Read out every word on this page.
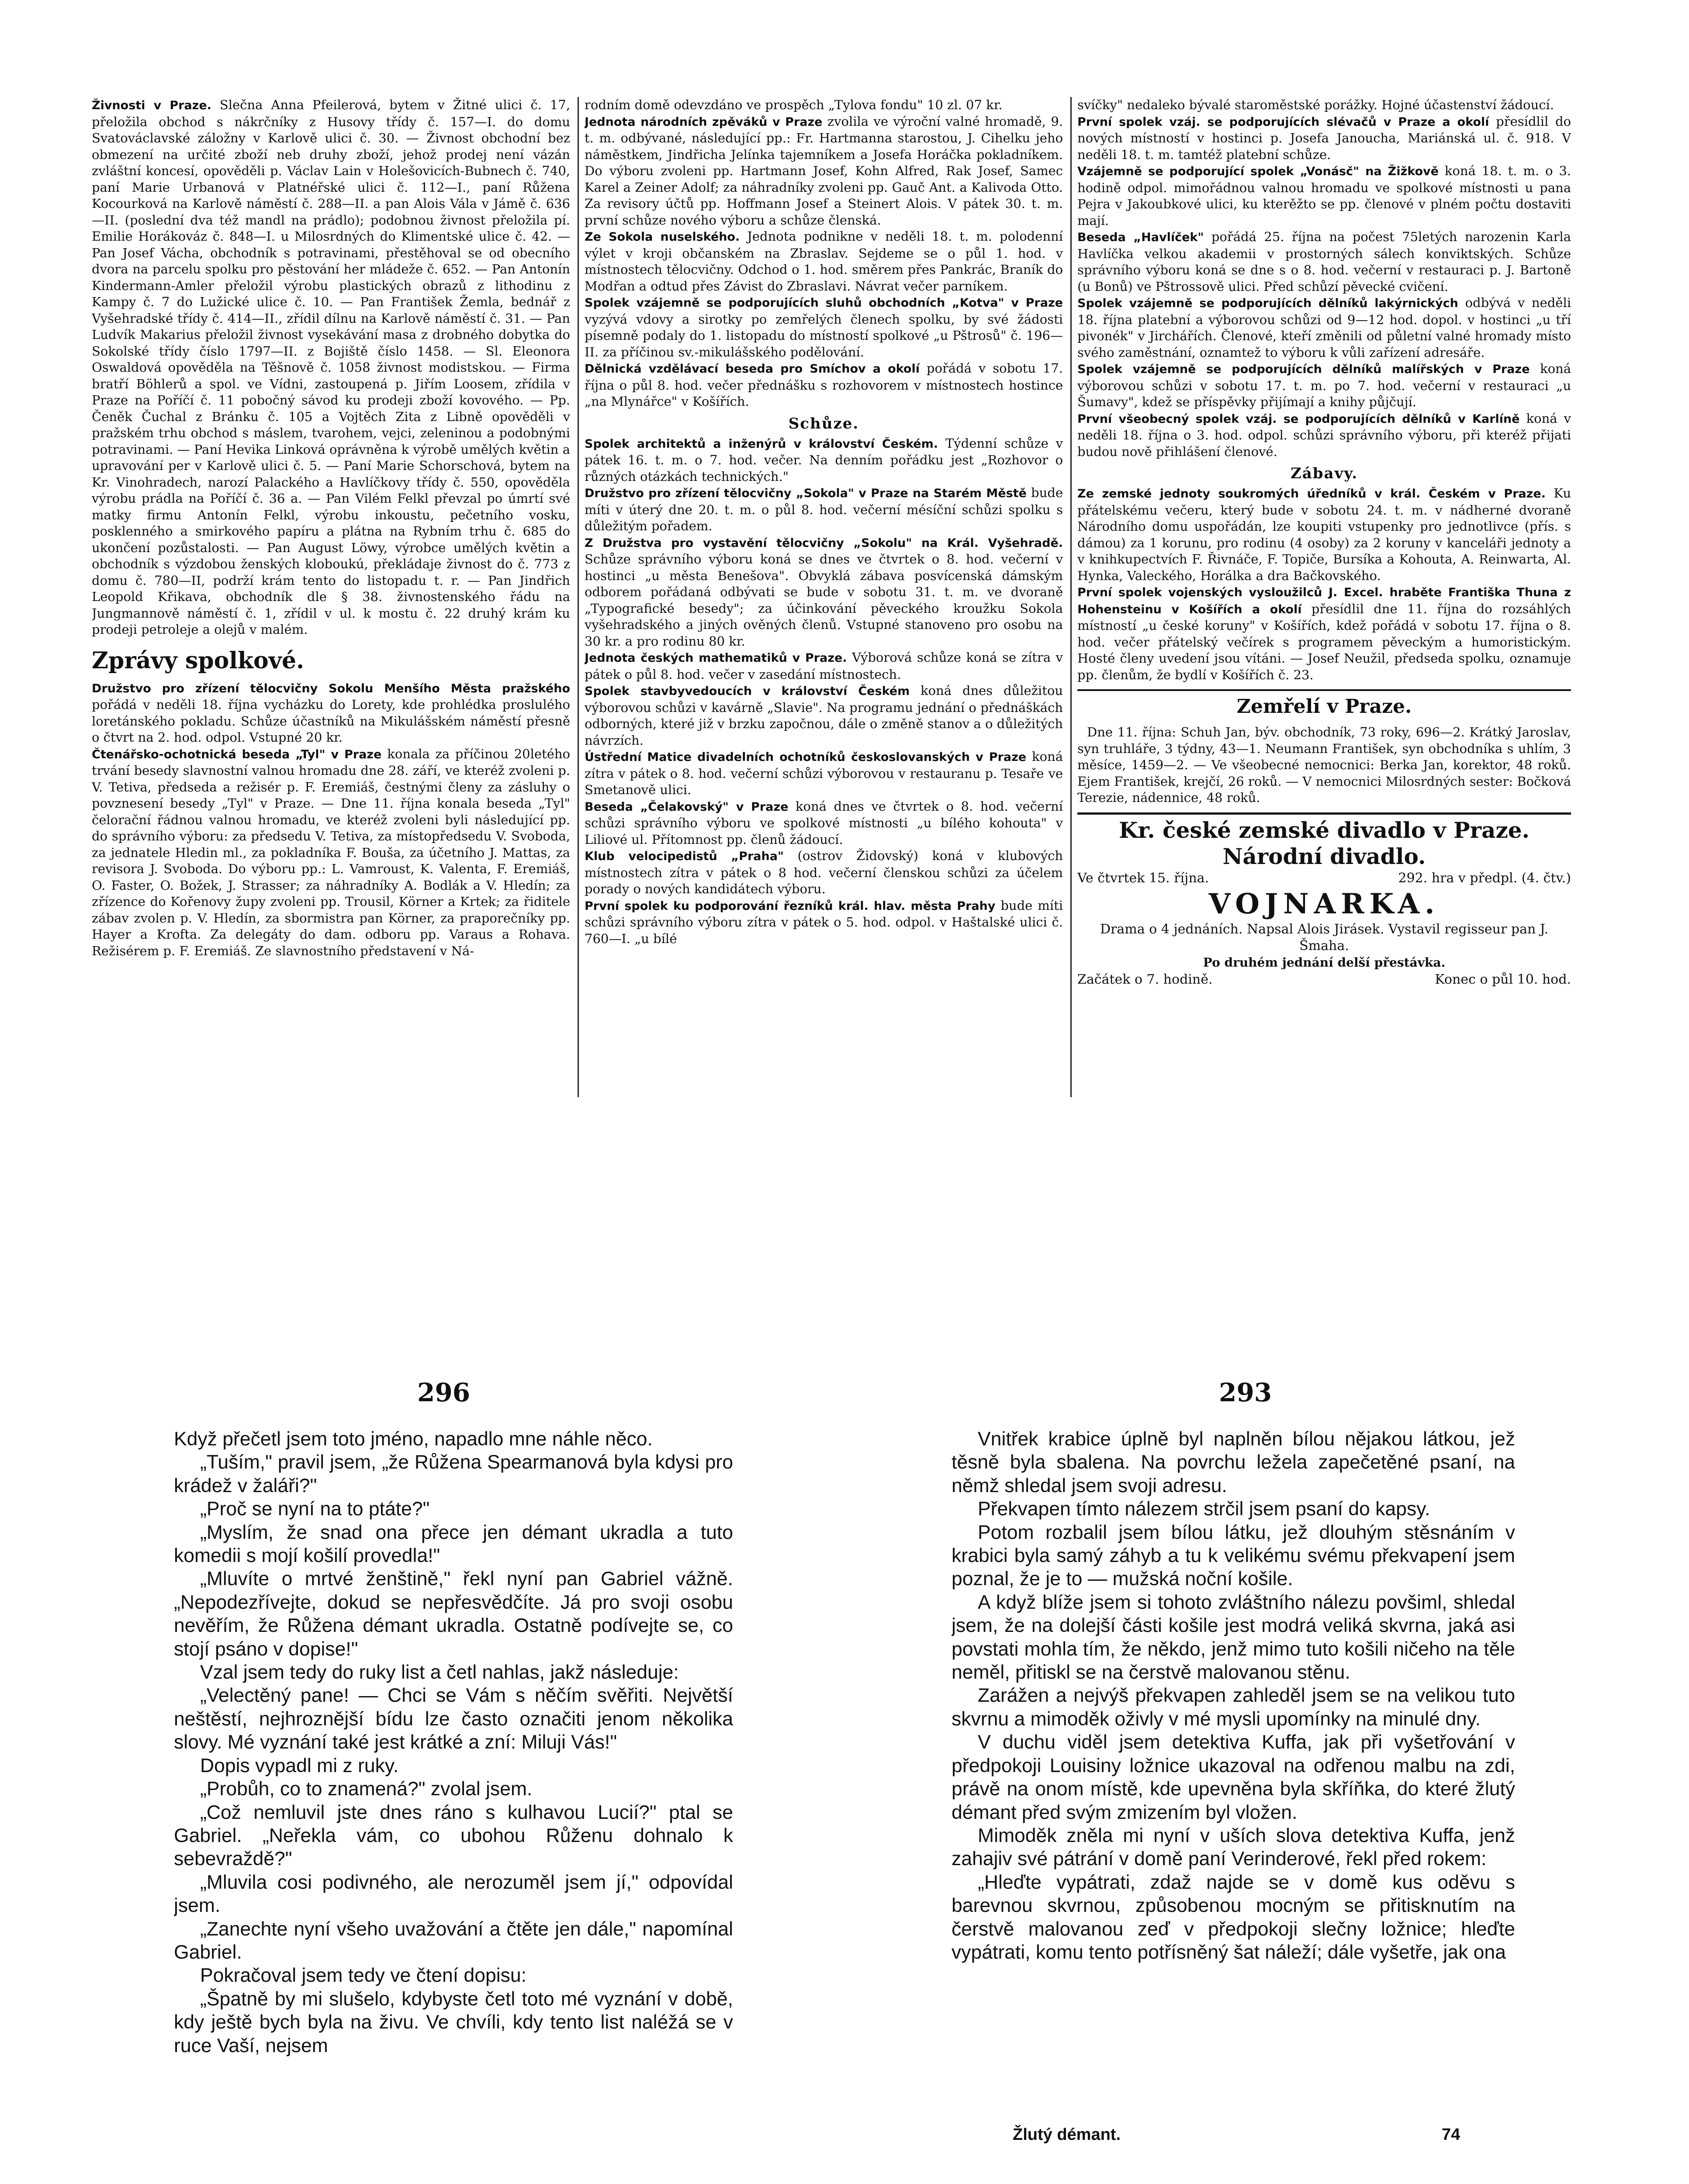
Živnosti v Praze. Slečna Anna Pfeilerová, bytem v Žitné ulici č. 17, přeložila obchod s nákrčníky z Husovy třídy č. 157—I. do domu Svatováclavské záložny v Karlově ulici č. 30. — Živnost obchodní bez obmezení na určité zboží neb druhy zboží, jehož prodej není vázán zvláštní koncesí, opověděli p. Václav Lain v Holešovicích-Bubnech č. 740, paní Marie Urbanová v Platnéřské ulici č. 112—I., paní Růžena Kocourková na Karlově náměstí č. 288—II. a pan Alois Vála v Jámě č. 636—II. (poslední dva též mandl na prádlo); podobnou živnost přeložila pí. Emilie Horákováz č. 848—I. u Milosrdných do Klimentské ulice č. 42. — Pan Josef Vácha, obchodník s potravinami, přestěhoval se od obecního dvora na parcelu spolku pro pěstování her mládeže č. 652. — Pan Antonín Kindermann-Amler přeložil výrobu plastických obrazů z lithodinu z Kampy č. 7 do Lužické ulice č. 10. — Pan František Žemla, bednář z Vyšehradské třídy č. 414—II., zřídil dílnu na Karlově náměstí č. 31. — Pan Ludvík Makarius přeložil živnost vysekávání masa z drobného dobytka do Sokolské třídy číslo 1797—II. z Bojiště číslo 1458. — Sl. Eleonora Oswaldová opověděla na Těšnově č. 1058 živnost modistskou. — Firma bratří Böhlerů a spol. ve Vídni, zastoupená p. Jiřím Loosem, zřídila v Praze na Poříčí č. 11 pobočný sávod ku prodeji zboží kovového. — Pp. Čeněk Čuchal z Bránku č. 105 a Vojtěch Zita z Libně opověděli v pražském trhu obchod s máslem, tvarohem, vejci, zeleninou a podobnými potravinami. — Paní Hevika Linková oprávněna k výrobě umělých květin a upravování per v Karlově ulici č. 5. — Paní Marie Schorschová, bytem na Kr. Vinohradech, narozí Palackého a Havlíčkovy třídy č. 550, opověděla výrobu prádla na Poříčí č. 36 a. — Pan Vilém Felkl převzal po úmrtí své matky firmu Antonín Felkl, výrobu inkoustu, pečetního vosku, posklenného a smirkového papíru a plátna na Rybním trhu č. 685 do ukončení pozůstalosti. — Pan August Löwy, výrobce umělých květin a obchodník s výzdobou ženských kloboukú, překládaje živnost do č. 773 z domu č. 780—II, podrží krám tento do listopadu t. r. — Pan Jindřich Leopold Křikava, obchodník dle § 38. živnostenského řádu na Jungmannově náměstí č. 1, zřídil v ul. k mostu č. 22 druhý krám ku prodeji petroleje a olejů v malém.

Zprávy spolkové.

Družstvo pro zřízení tělocvičny Sokolu Menšího Města pražského pořádá v neděli 18. října vycházku do Lorety, kde prohlédka proslulého loretánského pokladu. Schůze účastníků na Mikulášském náměstí přesně o čtvrt na 2. hod. odpol. Vstupné 20 kr.

Čtenářsko-ochotnická beseda „Tyl" v Praze konala za příčinou 20letého trvání besedy slavnostní valnou hromadu dne 28. září, ve kteréž zvoleni p. V. Tetiva, předseda a režisér p. F. Eremiáš, čestnými členy za zásluhy o povznesení besedy „Tyl" v Praze. — Dne 11. října konala beseda „Tyl" čelorační řádnou valnou hromadu, ve kteréž zvoleni byli následující pp. do správního výboru: za předsedu V. Tetiva, za místopředsedu V. Svoboda, za jednatele Hledin ml., za pokladníka F. Bouša, za účetního J. Mattas, za revisora J. Svoboda. Do výboru pp.: L. Vamroust, K. Valenta, F. Eremiáš, O. Faster, O. Božek, J. Strasser; za náhradníky A. Bodlák a V. Hledín; za zřízence do Kořenovy župy zvoleni pp. Trousil, Körner a Krtek; za řiditele zábav zvolen p. V. Hledín, za sbormistra pan Körner, za praporečníky pp. Hayer a Krofta. Za delegáty do dam. odboru pp. Varaus a Rohava. Režisérem p. F. Eremiáš. Ze slavnostního představení v Ná-

rodním domě odevzdáno ve prospěch „Tylova fondu" 10 zl. 07 kr.

Jednota národních zpěváků v Praze zvolila ve výroční valné hromadě, 9. t. m. odbývané, následující pp.: Fr. Hartmanna starostou, J. Cihelku jeho náměstkem, Jindřicha Jelínka tajemníkem a Josefa Horáčka pokladníkem. Do výboru zvoleni pp. Hartmann Josef, Kohn Alfred, Rak Josef, Samec Karel a Zeiner Adolf; za náhradníky zvoleni pp. Gauč Ant. a Kalivoda Otto. Za revisory účtů pp. Hoffmann Josef a Steinert Alois. V pátek 30. t. m. první schůze nového výboru a schůze členská.

Ze Sokola nuselského. Jednota podnikne v neděli 18. t. m. polodenní výlet v kroji občanském na Zbraslav. Sejdeme se o půl 1. hod. v místnostech tělocvičny. Odchod o 1. hod. směrem přes Pankrác, Braník do Modřan a odtud přes Závist do Zbraslavi. Návrat večer parníkem.

Spolek vzájemně se podporujících sluhů obchodních „Kotva" v Praze vyzývá vdovy a sirotky po zemřelých členech spolku, by své žádosti písemně podaly do 1. listopadu do místností spolkové „u Pštrosů" č. 196—II. za příčinou sv.-mikulášského podělování.

Dělnická vzdělávací beseda pro Smíchov a okolí pořádá v sobotu 17. října o půl 8. hod. večer přednášku s rozhovorem v místnostech hostince „na Mlynářce" v Košířích.

Schůze.

Spolek architektů a inženýrů v království Českém. Týdenní schůze v pátek 16. t. m. o 7. hod. večer. Na denním pořádku jest „Rozhovor o různých otázkách technických."

Družstvo pro zřízení tělocvičny „Sokola" v Praze na Starém Městě bude míti v úterý dne 20. t. m. o půl 8. hod. večerní mésíční schůzi spolku s důležitým pořadem.

Z Družstva pro vystavění tělocvičny „Sokolu" na Král. Vyšehradě. Schůze správního výboru koná se dnes ve čtvrtek o 8. hod. večerní v hostinci „u města Benešova". Obvyklá zábava posvícenská dámským odborem pořádaná odbývati se bude v sobotu 31. t. m. ve dvoraně „Typografické besedy"; za účinkování pěveckého kroužku Sokola vyšehradského a jiných ověných členů. Vstupné stanoveno pro osobu na 30 kr. a pro rodinu 80 kr.

Jednota českých mathematiků v Praze. Výborová schůze koná se zítra v pátek o půl 8. hod. večer v zasedání místnostech.

Spolek stavbyvedoucích v království Českém koná dnes důležitou výborovou schůzi v kavárně „Slavie". Na programu jednání o přednáškách odborných, které již v brzku započnou, dále o změně stanov a o důležitých návrzích.

Ústřední Matice divadelních ochotníků českoslovanských v Praze koná zítra v pátek o 8. hod. večerní schůzi výborovou v restauranu p. Tesaře ve Smetanově ulici.

Beseda „Čelakovský" v Praze koná dnes ve čtvrtek o 8. hod. večerní schůzi správního výboru ve spolkové místnosti „u bílého kohouta" v Liliové ul. Přítomnost pp. členů žádoucí.

Klub velocipedistů „Praha" (ostrov Židovský) koná v klubových místnostech zítra v pátek o 8 hod. večerní členskou schůzi za účelem porady o nových kandidátech výboru.

První spolek ku podporování řezníků král. hlav. města Prahy bude míti schůzi správního výboru zítra v pátek o 5. hod. odpol. v Haštalské ulici č. 760—I. „u bílé

svíčky" nedaleko bývalé staroměstské porážky. Hojné účastenství žádoucí.

První spolek vzáj. se podporujících slévačů v Praze a okolí přesídlil do nových místností v hostinci p. Josefa Janoucha, Mariánská ul. č. 918. V neděli 18. t. m. tamtéž platební schůze.

Vzájemně se podporující spolek „Vonásč" na Žižkově koná 18. t. m. o 3. hodině odpol. mimořádnou valnou hromadu ve spolkové místnosti u pana Pejra v Jakoubkové ulici, ku kterěžto se pp. členové v plném počtu dostaviti mají.

Beseda „Havlíček" pořádá 25. října na počest 75letých narozenin Karla Havlíčka velkou akademii v prostorných sálech konviktských. Schůze správního výboru koná se dne s o 8. hod. večerní v restauraci p. J. Bartoně (u Bonů) ve Pštrossově ulici. Před schůzí pěvecké cvičení.

Spolek vzájemně se podporujících dělníků lakýrnických odbývá v neděli 18. října platební a výborovou schůzi od 9—12 hod. dopol. v hostinci „u tří pivonék" v Jirchářích. Členové, kteří změnili od půletní valné hromady místo svého zaměstnání, oznamtež to výboru k vůli zařízení adresáře.

Spolek vzájemně se podporujících dělníků malířských v Praze koná výborovou schůzi v sobotu 17. t. m. po 7. hod. večerní v restauraci „u Šumavy", kdež se příspěvky přijímají a knihy půjčují.

První všeobecný spolek vzáj. se podporujících dělníků v Karlíně koná v neděli 18. října o 3. hod. odpol. schůzi správního výboru, při kteréž přijati budou nově přihlášení členové.

Zábavy.

Ze zemské jednoty soukromých úředníků v král. Českém v Praze. Ku přátelskému večeru, který bude v sobotu 24. t. m. v nádherné dvoraně Národního domu uspořádán, lze koupiti vstupenky pro jednotlivce (přís. s dámou) za 1 korunu, pro rodinu (4 osoby) za 2 koruny v kanceláři jednoty a v knihkupectvích F. Řivnáče, F. Topiče, Bursíka a Kohouta, A. Reinwarta, Al. Hynka, Valeckého, Horálka a dra Bačkovského.

První spolek vojenských vysloužilců J. Excel. hraběte Františka Thuna z Hohensteinu v Košířích a okolí přesídlil dne 11. října do rozsáhlých místností „u české koruny" v Košířích, kdež pořádá v sobotu 17. října o 8. hod. večer přátelský večírek s programem pěveckým a humoristickým. Hosté členy uvedení jsou vítáni. — Josef Neužil, předseda spolku, oznamuje pp. členům, že bydlí v Košířích č. 23.

Zemřelí v Praze.

Dne 11. října: Schuh Jan, býv. obchodník, 73 roky, 696—2. Krátký Jaroslav, syn truhláře, 3 týdny, 43—1. Neumann František, syn obchodníka s uhlím, 3 měsíce, 1459—2. — Ve všeobecné nemocnici: Berka Jan, korektor, 48 roků. Ejem František, krejčí, 26 roků. — V nemocnici Milosrdných sester: Bočková Terezie, nádennice, 48 roků.

Kr. české zemské divadlo v Praze.
Národní divadlo.
Ve čtvrtek 15. října.	292. hra v předpl. (4. čtv.)
VOJNARKA.
Drama o 4 jednáních. Napsal Alois Jirásek. Vystavil regisseur pan J. Šmaha.
Po druhém jednání delší přestávka.
Začátek o 7. hodině.	Konec o půl 10. hod.
296	293

Když přečetl jsem toto jméno, napadlo mne náhle něco.

„Tuším," pravil jsem, „že Růžena Spearmanová byla kdysi pro krádež v žaláři?"

„Proč se nyní na to ptáte?"

„Myslím, že snad ona přece jen démant ukradla a tuto komedii s mojí košilí provedla!"

„Mluvíte o mrtvé ženštině," řekl nyní pan Gabriel vážně. „Nepodezřívejte, dokud se nepřesvědčíte. Já pro svoji osobu nevěřím, že Růžena démant ukradla. Ostatně podívejte se, co stojí psáno v dopise!"

Vzal jsem tedy do ruky list a četl nahlas, jakž následuje:

„Velectěný pane! — Chci se Vám s něčím svěřiti. Největší neštěstí, nejhroznější bídu lze často označiti jenom několika slovy. Mé vyznání také jest krátké a zní: Miluji Vás!"

Dopis vypadl mi z ruky.

„Probůh, co to znamená?" zvolal jsem.

„Což nemluvil jste dnes ráno s kulhavou Lucií?" ptal se Gabriel. „Neřekla vám, co ubohou Růženu dohnalo k sebevraždě?"

„Mluvila cosi podivného, ale nerozuměl jsem jí," odpovídal jsem.

„Zanechte nyní všeho uvažování a čtěte jen dále," napomínal Gabriel.

Pokračoval jsem tedy ve čtení dopisu:

„Špatně by mi slušelo, kdybyste četl toto mé vyznání v době, kdy ještě bych byla na živu. Ve chvíli, kdy tento list naléžá se v ruce Vaší, nejsem

Vnitřek krabice úplně byl naplněn bílou nějakou látkou, jež těsně byla sbalena. Na povrchu ležela zapečetěné psaní, na němž shledal jsem svoji adresu.

Překvapen tímto nálezem strčil jsem psaní do kapsy.

Potom rozbalil jsem bílou látku, jež dlouhým stěsnáním v krabici byla samý záhyb a tu k velikému svému překvapení jsem poznal, že je to — mužská noční košile.

A když blíže jsem si tohoto zvláštního nálezu povšiml, shledal jsem, že na dolejší části košile jest modrá veliká skvrna, jaká asi povstati mohla tím, že někdo, jenž mimo tuto košili ničeho na těle neměl, přitiskl se na čerstvě malovanou stěnu.

Zarážen a nejvýš překvapen zahleděl jsem se na velikou tuto skvrnu a mimoděk oživly v mé mysli upomínky na minulé dny.

V duchu viděl jsem detektiva Kuffa, jak při vyšetřování v předpokoji Louisiny ložnice ukazoval na odřenou malbu na zdi, právě na onom místě, kde upevněna byla skříňka, do které žlutý démant před svým zmizením byl vložen.

Mimoděk zněla mi nyní v uších slova detektiva Kuffa, jenž zahajiv své pátrání v domě paní Verinderové, řekl před rokem:

„Hleďte vypátrati, zdaž najde se v domě kus oděvu s barevnou skvrnou, způsobenou mocným se přitisknutím na čerstvě malovanou zeď v předpokoji slečny ložnice; hleďte vypátrati, komu tento potřísněný šat náleží; dále vyšetře, jak ona

Žlutý démant.	74
